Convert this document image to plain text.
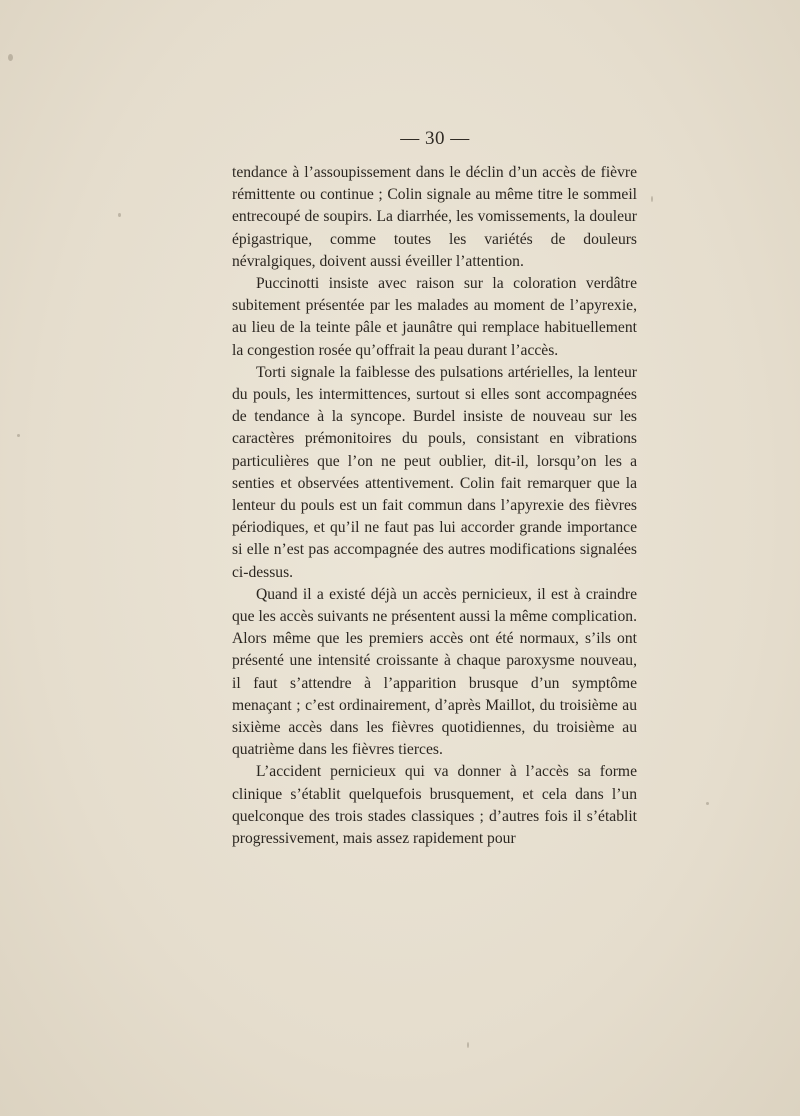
— 30 —

tendance à l’assoupissement dans le déclin d’un accès de fièvre rémittente ou continue ; Colin signale au même titre le sommeil entrecoupé de soupirs. La diarrhée, les vomissements, la douleur épigastrique, comme toutes les variétés de douleurs névralgiques, doivent aussi éveiller l’attention.

Puccinotti insiste avec raison sur la coloration verdâtre subitement présentée par les malades au moment de l’apyrexie, au lieu de la teinte pâle et jaunâtre qui remplace habituellement la congestion rosée qu’offrait la peau durant l’accès.

Torti signale la faiblesse des pulsations artérielles, la lenteur du pouls, les intermittences, surtout si elles sont accompagnées de tendance à la syncope. Burdel insiste de nouveau sur les caractères prémonitoires du pouls, consistant en vibrations particulières que l’on ne peut oublier, dit-il, lorsqu’on les a senties et observées attentivement. Colin fait remarquer que la lenteur du pouls est un fait commun dans l’apyrexie des fièvres périodiques, et qu’il ne faut pas lui accorder grande importance si elle n’est pas accompagnée des autres modifications signalées ci-dessus.

Quand il a existé déjà un accès pernicieux, il est à craindre que les accès suivants ne présentent aussi la même complication. Alors même que les premiers accès ont été normaux, s’ils ont présenté une intensité croissante à chaque paroxysme nouveau, il faut s’attendre à l’apparition brusque d’un symptôme menaçant ; c’est ordinairement, d’après Maillot, du troisième au sixième accès dans les fièvres quotidiennes, du troisième au quatrième dans les fièvres tierces.

L’accident pernicieux qui va donner à l’accès sa forme clinique s’établit quelquefois brusquement, et cela dans l’un quelconque des trois stades classiques ; d’autres fois il s’établit progressivement, mais assez rapidement pour
